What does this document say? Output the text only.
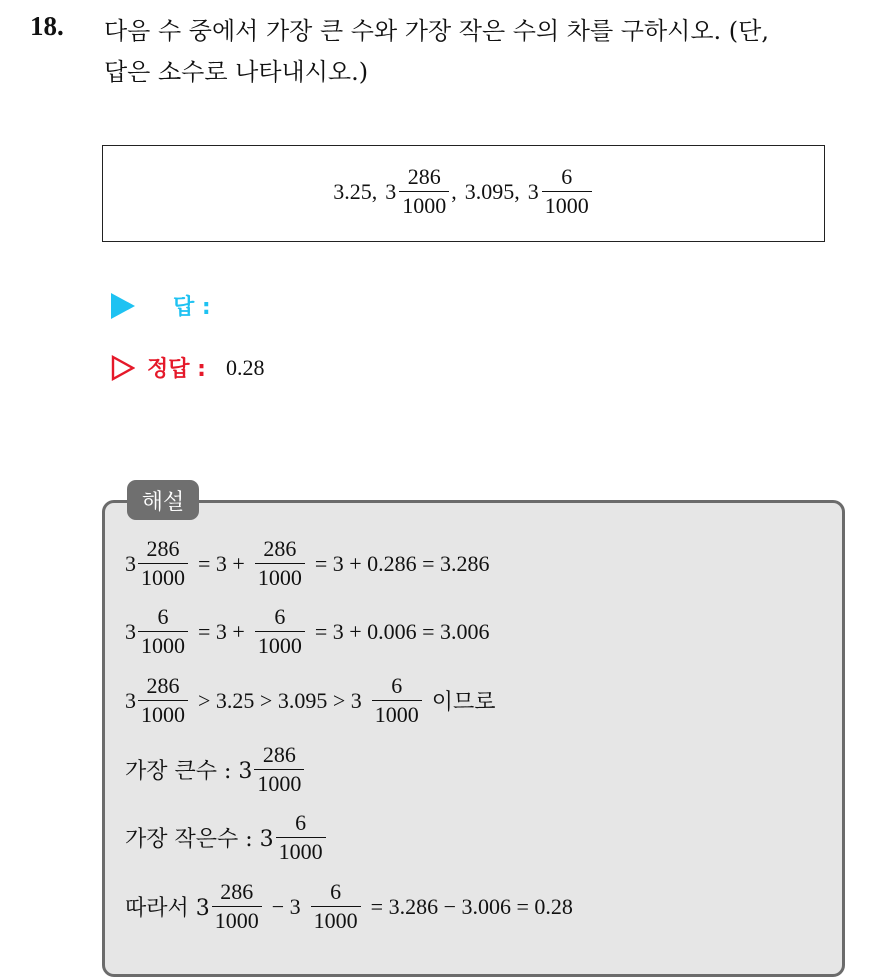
18. 다음 수 중에서 가장 큰 수와 가장 작은 수의 차를 구하시오. (단,
답은 소수로 나타내시오.)
3.25, $3 \frac{286}{1000}$ , 3.095, $3 \frac{6}{1000}$
답 :
정답 : 0.28
해설
$3 \frac{286}{1000} = 3 + \frac{286}{1000} = 3 + 0.286 = 3.286$
$3 \frac{6}{1000} = 3 + \frac{6}{1000} = 3 + 0.006 = 3.006$
$3 \frac{286}{1000} > 3.25 > 3.095 > 3 \frac{6}{1000}$ 이므로
가장 큰수 : $3 \frac{286}{1000}$
가장 작은수 : $3 \frac{6}{1000}$
따라서 $3 \frac{286}{1000} - 3 \frac{6}{1000} = 3.286 - 3.006 = 0.28$
